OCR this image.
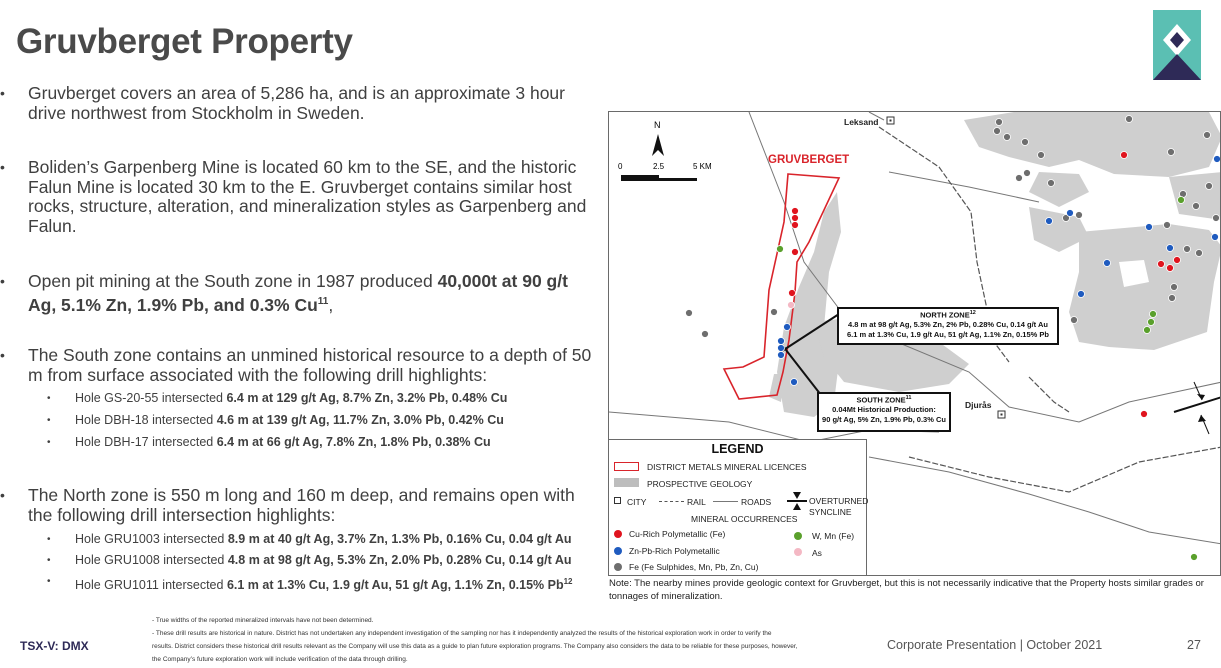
Gruvberget Property
• Gruvberget covers an area of 5,286 ha, and is an approximate 3 hour drive northwest from Stockholm in Sweden.
• Boliden’s Garpenberg Mine is located 60 km to the SE, and the historic Falun Mine is located 30 km to the E. Gruvberget contains similar host rocks, structure, alteration, and mineralization styles as Garpenberg and Falun.
• Open pit mining at the South zone in 1987 produced 40,000t at 90 g/t Ag, 5.1% Zn, 1.9% Pb, and 0.3% Cu$^{11}$,
• The South zone contains an unmined historical resource to a depth of 50 m from surface associated with the following drill highlights:
• Hole GS-20-55 intersected 6.4 m at 129 g/t Ag, 8.7% Zn, 3.2% Pb, 0.48% Cu
• Hole DBH-18 intersected 4.6 m at 139 g/t Ag, 11.7% Zn, 3.0% Pb, 0.42% Cu
• Hole DBH-17 intersected 6.4 m at 66 g/t Ag, 7.8% Zn, 1.8% Pb, 0.38% Cu
• The North zone is 550 m long and 160 m deep, and remains open with the following drill intersection highlights:
• Hole GRU1003 intersected 8.9 m at 40 g/t Ag, 3.7% Zn, 1.3% Pb, 0.16% Cu, 0.04 g/t Au
• Hole GRU1008 intersected 4.8 m at 98 g/t Ag, 5.3% Zn, 2.0% Pb, 0.28% Cu, 0.14 g/t Au
• Hole GRU1011 intersected 6.1 m at 1.3% Cu, 1.9 g/t Au, 51 g/t Ag, 1.1% Zn, 0.15% Pb$^{12}$
N
0	2.5	5 KM
GRUVBERGET
Leksand
Djurås
NORTH ZONE$^{12}$
4.8 m at 98 g/t Ag, 5.3% Zn, 2% Pb, 0.28% Cu, 0.14 g/t Au
6.1 m at 1.3% Cu, 1.9 g/t Au, 51 g/t Ag, 1.1% Zn, 0.15% Pb
SOUTH ZONE$^{11}$
0.04Mt Historical Production:
90 g/t Ag, 5% Zn, 1.9% Pb, 0.3% Cu
LEGEND
DISTRICT METALS MINERAL LICENCES
PROSPECTIVE GEOLOGY
CITY	RAIL	ROADS	OVERTURNED
SYNCLINE
MINERAL OCCURRENCES
Cu-Rich Polymetallic (Fe)	W, Mn (Fe)
Zn-Pb-Rich Polymetallic	As
Fe (Fe Sulphides, Mn, Pb, Zn, Cu)
Note: The nearby mines provide geologic context for Gruvberget, but this is not necessarily indicative that the Property hosts similar grades or tonnages of mineralization.
- True widths of the reported mineralized intervals have not been determined.
- These drill results are historical in nature. District has not undertaken any independent investigation of the sampling nor has it independently analyzed the results of the historical exploration work in order to verify the
results. District considers these historical drill results relevant as the Company will use this data as a guide to plan future exploration programs. The Company also considers the data to be reliable for these purposes, however,
the Company’s future exploration work will include verification of the data through drilling.
TSX-V: DMX	Corporate Presentation | October 2021	27
